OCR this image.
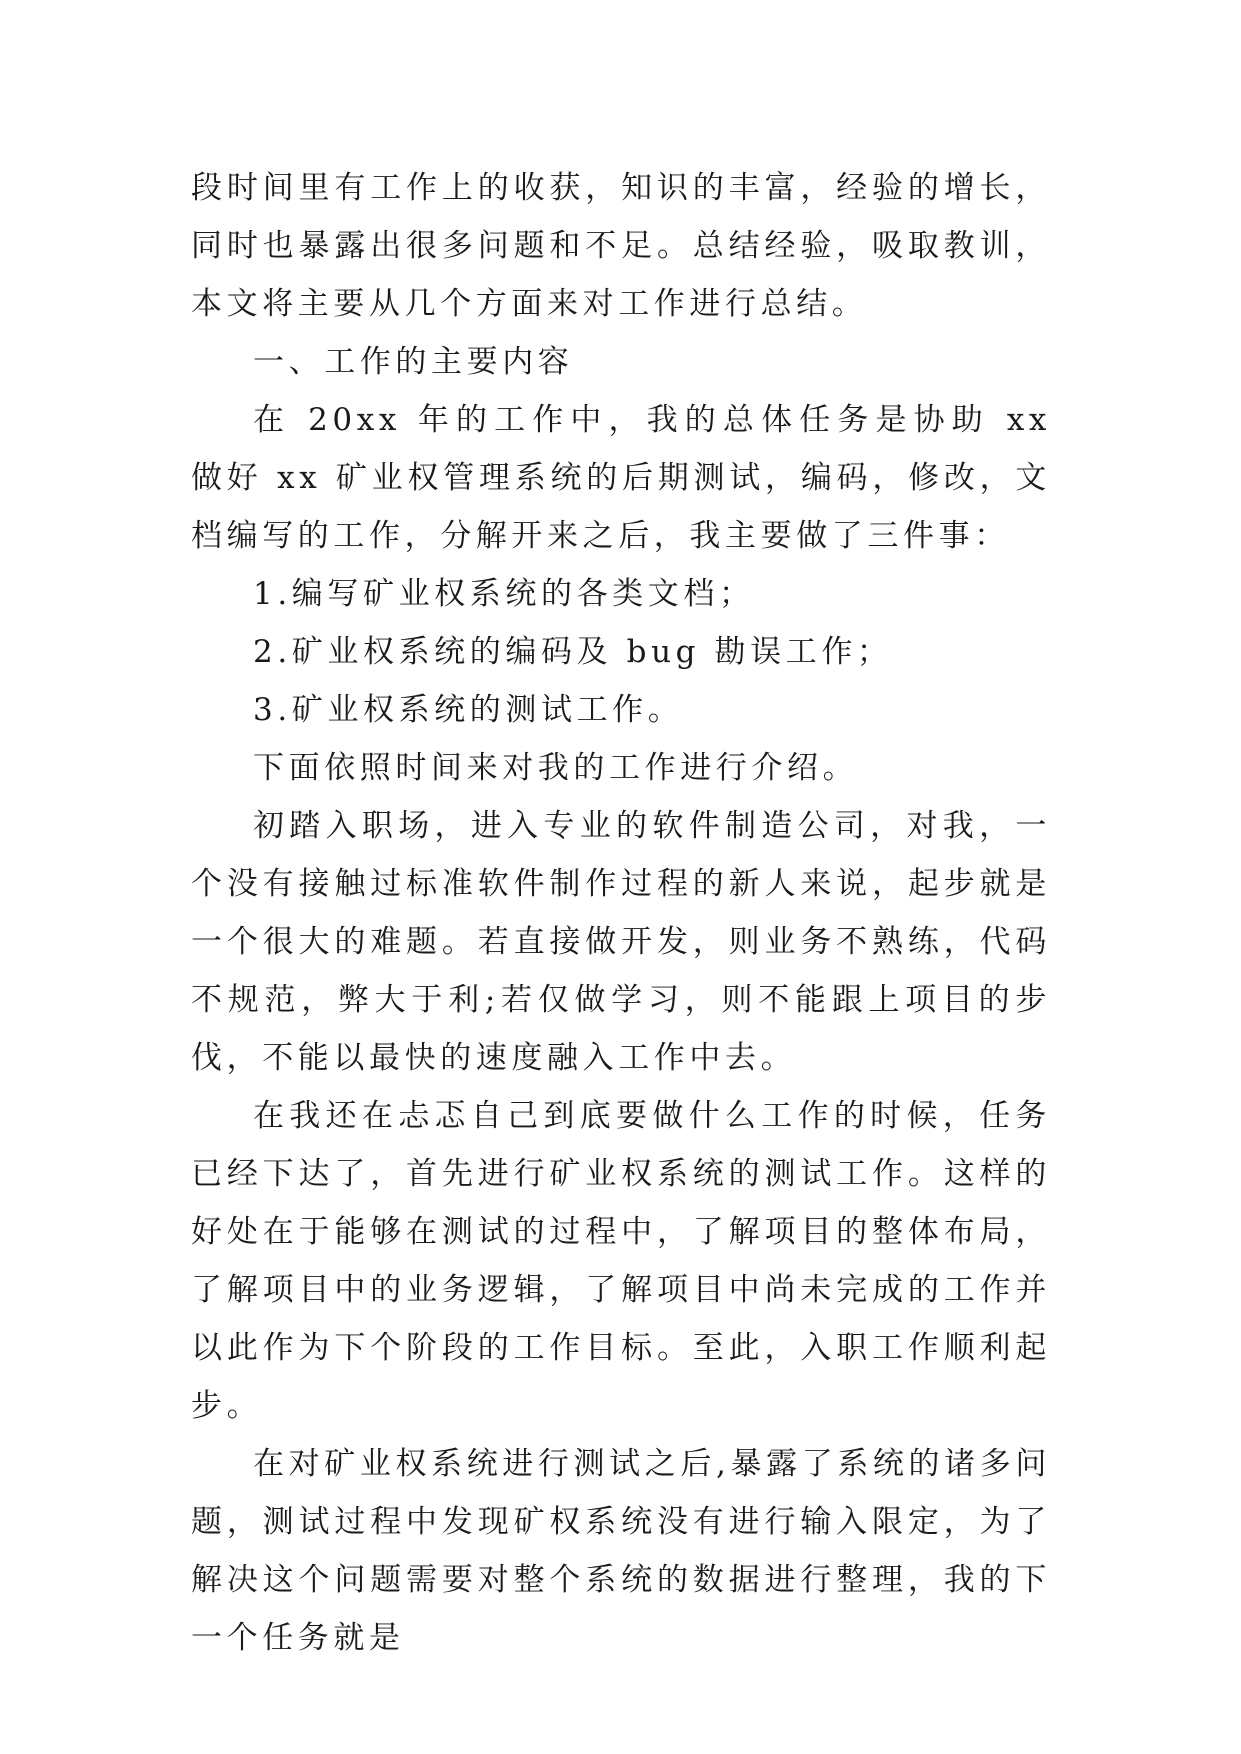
段时间里有工作上的收获，知识的丰富，经验的增长，同时也暴露出很多问题和不足。总结经验，吸取教训，本文将主要从几个方面来对工作进行总结。

一、工作的主要内容

在 20xx 年的工作中，我的总体任务是协助 xx 做好 xx 矿业权管理系统的后期测试，编码，修改，文档编写的工作，分解开来之后，我主要做了三件事：

1.编写矿业权系统的各类文档；

2.矿业权系统的编码及 bug 勘误工作；

3.矿业权系统的测试工作。

下面依照时间来对我的工作进行介绍。

初踏入职场，进入专业的软件制造公司，对我，一个没有接触过标准软件制作过程的新人来说，起步就是一个很大的难题。若直接做开发，则业务不熟练，代码不规范，弊大于利;若仅做学习，则不能跟上项目的步伐，不能以最快的速度融入工作中去。

在我还在忐忑自己到底要做什么工作的时候，任务已经下达了，首先进行矿业权系统的测试工作。这样的好处在于能够在测试的过程中，了解项目的整体布局，了解项目中的业务逻辑，了解项目中尚未完成的工作并以此作为下个阶段的工作目标。至此，入职工作顺利起步。

在对矿业权系统进行测试之后,暴露了系统的诸多问题，测试过程中发现矿权系统没有进行输入限定，为了解决这个问题需要对整个系统的数据进行整理，我的下一个任务就是
